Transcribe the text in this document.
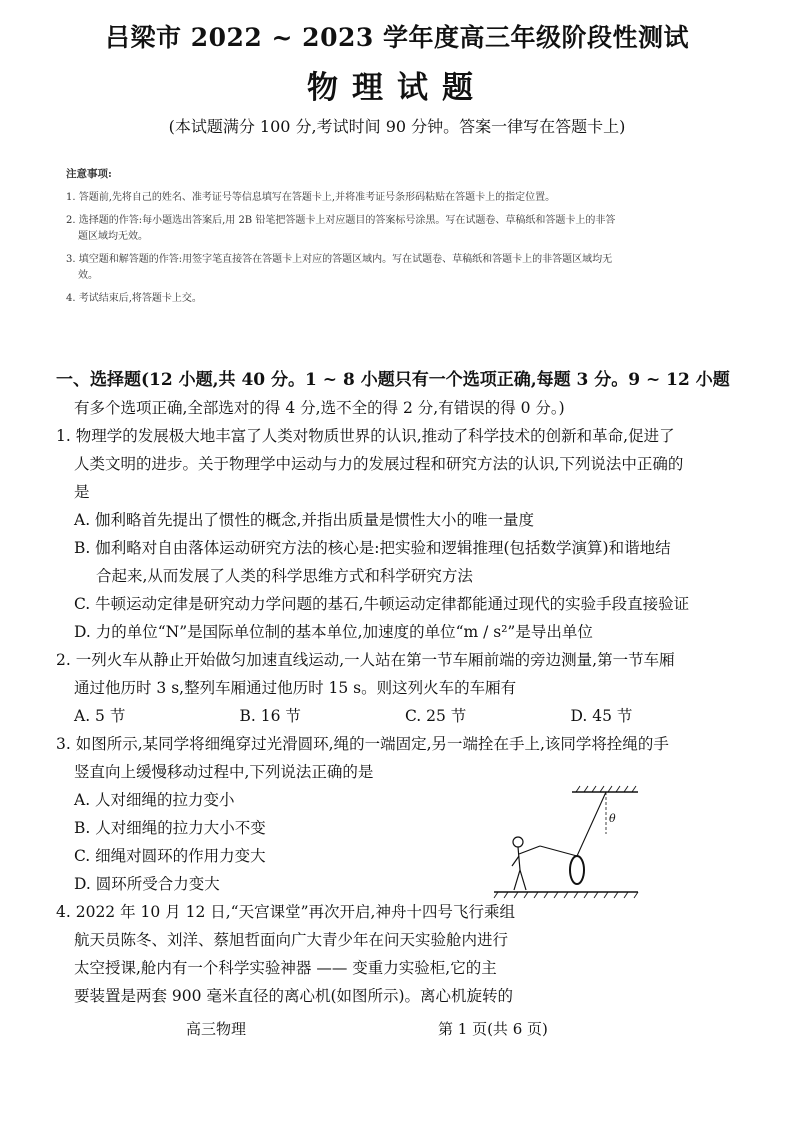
吕梁市 2022 ~ 2023 学年度高三年级阶段性测试
物理试题
(本试题满分 100 分,考试时间 90 分钟。答案一律写在答题卡上)
注意事项:
1. 答题前,先将自己的姓名、准考证号等信息填写在答题卡上,并将准考证号条形码粘贴在答题卡上的指定位置。
2. 选择题的作答:每小题选出答案后,用 2B 铅笔把答题卡上对应题目的答案标号涂黑。写在试题卷、草稿纸和答题卡上的非答
题区域均无效。
3. 填空题和解答题的作答:用签字笔直接答在答题卡上对应的答题区域内。写在试题卷、草稿纸和答题卡上的非答题区域均无
效。
4. 考试结束后,将答题卡上交。
一、选择题(12 小题,共 40 分。1 ~ 8 小题只有一个选项正确,每题 3 分。9 ~ 12 小题
有多个选项正确,全部选对的得 4 分,选不全的得 2 分,有错误的得 0 分。)
1. 物理学的发展极大地丰富了人类对物质世界的认识,推动了科学技术的创新和革命,促进了
人类文明的进步。关于物理学中运动与力的发展过程和研究方法的认识,下列说法中正确的
是
A. 伽利略首先提出了惯性的概念,并指出质量是惯性大小的唯一量度
B. 伽利略对自由落体运动研究方法的核心是:把实验和逻辑推理(包括数学演算)和谐地结
合起来,从而发展了人类的科学思维方式和科学研究方法
C. 牛顿运动定律是研究动力学问题的基石,牛顿运动定律都能通过现代的实验手段直接验证
D. 力的单位“N”是国际单位制的基本单位,加速度的单位“m / s²”是导出单位
2. 一列火车从静止开始做匀加速直线运动,一人站在第一节车厢前端的旁边测量,第一节车厢
通过他历时 3 s,整列车厢通过他历时 15 s。则这列火车的车厢有
A. 5 节	B. 16 节	C. 25 节	D. 45 节
3. 如图所示,某同学将细绳穿过光滑圆环,绳的一端固定,另一端拴在手上,该同学将拴绳的手
竖直向上缓慢移动过程中,下列说法正确的是
A. 人对细绳的拉力变小
B. 人对细绳的拉力大小不变
C. 细绳对圆环的作用力变大
D. 圆环所受合力变大
4. 2022 年 10 月 12 日,“天宫课堂”再次开启,神舟十四号飞行乘组
航天员陈冬、刘洋、蔡旭哲面向广大青少年在问天实验舱内进行
太空授课,舱内有一个科学实验神器 —— 变重力实验柜,它的主
要装置是两套 900 毫米直径的离心机(如图所示)。离心机旋转的
θ
高三物理	第 1 页(共 6 页)
